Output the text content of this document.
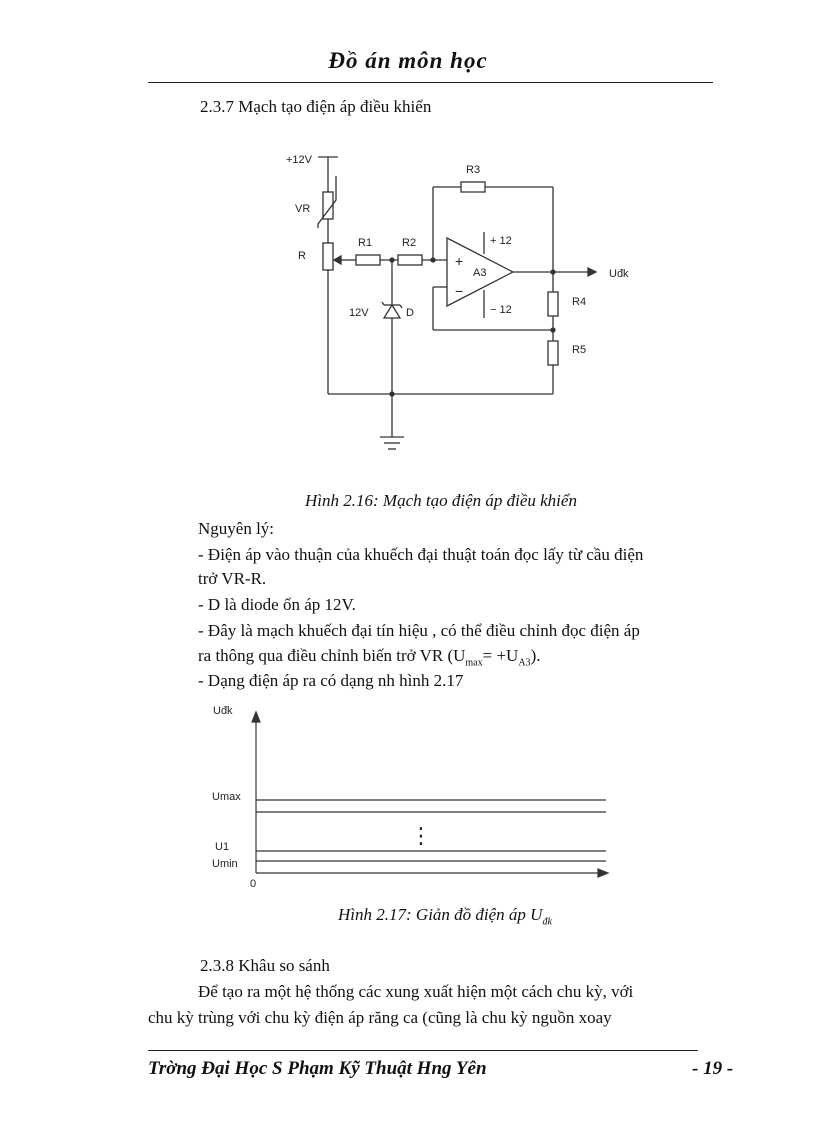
Đồ án môn học
2.3.7 Mạch tạo điện áp điều khiển
+12V
VR
R
R1	R2
R3
R4
R5
12V	D
A3
+
−
+ 12
− 12
Uđk
Hình 2.16: Mạch tạo điện áp điều khiển
Nguyên lý:
- Điện áp vào thuận của khuếch đại thuật toán đọc lấy từ cầu điện
trở VR-R.
- D là diode ổn áp 12V.
- Đây là mạch khuếch đại tín hiệu , có thể điều chỉnh đọc điện áp
ra thông qua điều chỉnh biến trở VR $(U_{max}= +U_{A3})$.
- Dạng điện áp ra có dạng nh hình 2.17
Uđk
Umax
U1
Umin
0
⋮
Hình 2.17: Giản đồ điện áp $U_{đk}$
2.3.8 Khâu so sánh
Để tạo ra một hệ thống các xung xuất hiện một cách chu kỳ, với
chu kỳ trùng với chu kỳ điện áp răng ca (cũng là chu kỳ nguồn xoay
Trờng Đại Học S Phạm Kỹ Thuật Hng Yên	- 19 -
